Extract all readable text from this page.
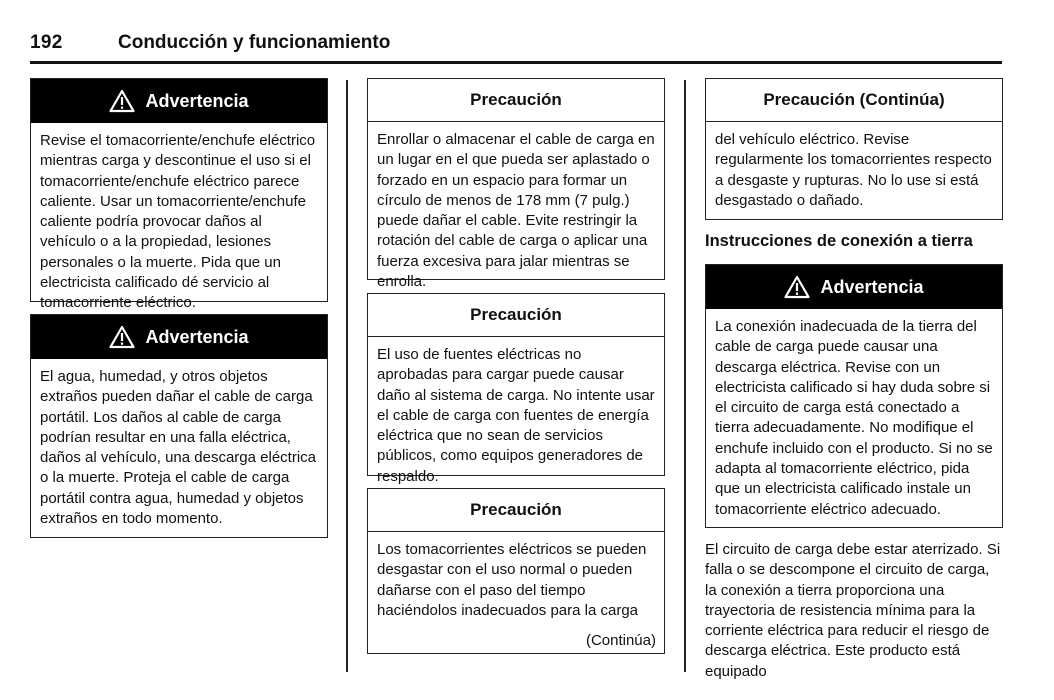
192	Conducción y funcionamiento
Advertencia
Revise el tomacorriente/enchufe eléctrico mientras carga y descontinue el uso si el tomacorriente/enchufe eléctrico parece caliente. Usar un tomacorriente/enchufe caliente podría provocar daños al vehículo o a la propiedad, lesiones personales o la muerte. Pida que un electricista calificado dé servicio al tomacorriente eléctrico.
Advertencia
El agua, humedad, y otros objetos extraños pueden dañar el cable de carga portátil. Los daños al cable de carga podrían resultar en una falla eléctrica, daños al vehículo, una descarga eléctrica o la muerte. Proteja el cable de carga portátil contra agua, humedad y objetos extraños en todo momento.
Precaución
Enrollar o almacenar el cable de carga en un lugar en el que pueda ser aplastado o forzado en un espacio para formar un círculo de menos de 178 mm (7 pulg.) puede dañar el cable. Evite restringir la rotación del cable de carga o aplicar una fuerza excesiva para jalar mientras se enrolla.
Precaución
El uso de fuentes eléctricas no aprobadas para cargar puede causar daño al sistema de carga. No intente usar el cable de carga con fuentes de energía eléctrica que no sean de servicios públicos, como equipos generadores de respaldo.
Precaución
Los tomacorrientes eléctricos se pueden desgastar con el uso normal o pueden dañarse con el paso del tiempo haciéndolos inadecuados para la carga
(Continúa)
Precaución (Continúa)
del vehículo eléctrico. Revise regularmente los tomacorrientes respecto a desgaste y rupturas. No lo use si está desgastado o dañado.
Instrucciones de conexión a tierra
Advertencia
La conexión inadecuada de la tierra del cable de carga puede causar una descarga eléctrica. Revise con un electricista calificado si hay duda sobre si el circuito de carga está conectado a tierra adecuadamente. No modifique el enchufe incluido con el producto. Si no se adapta al tomacorriente eléctrico, pida que un electricista calificado instale un tomacorriente eléctrico adecuado.
El circuito de carga debe estar aterrizado. Si falla o se descompone el circuito de carga, la conexión a tierra proporciona una trayectoria de resistencia mínima para la corriente eléctrica para reducir el riesgo de descarga eléctrica. Este producto está equipado
